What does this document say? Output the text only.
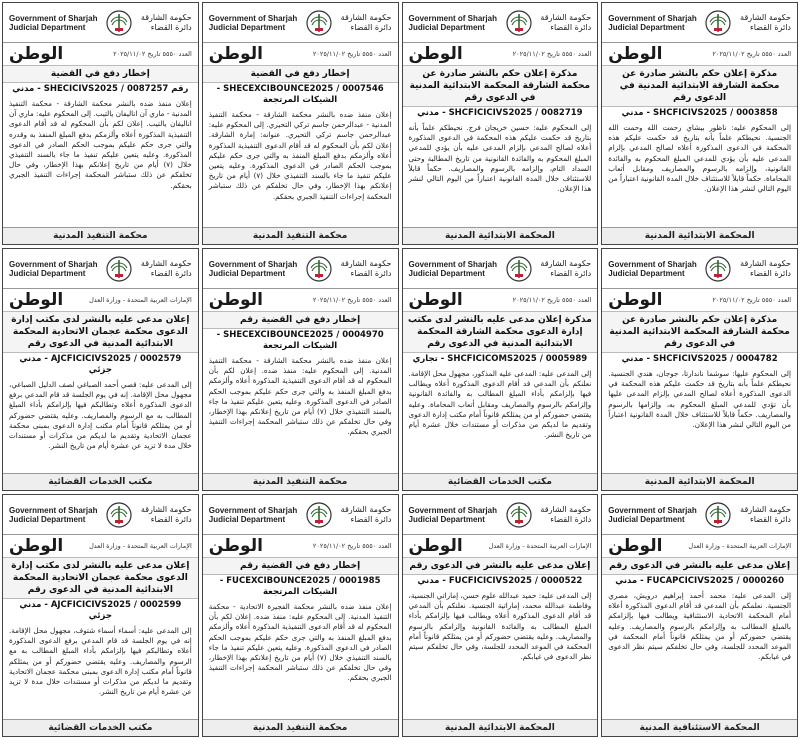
Government of Sharjah
Judicial Department
حكومة الشارقة
دائرة القضاء
الوطن	العدد ٥٥٥٠ تاريخ ٢٠٢٥/١١/٠٢
إخطار دفع في القضية
رقم SHECICIVS2025 / 0087257 - مدني
إعلان منفذ ضده بالنشر محكمة الشارقة - محكمة التنفيذ المدنية - ماري آن اناليفان يالتيب. إلى المحكوم عليه: ماري آن اناليفان يالتيب. إعلان لكم بأن المحكوم له قد أقام الدعوى التنفيذية المذكورة أعلاه وألزمكم بدفع المبلغ المنفذ به وقدره والتي جرى حكم عليكم بموجب الحكم الصادر في الدعوى المذكورة. وعليه يتعين عليكم تنفيذ ما جاء بالسند التنفيذي خلال (٧) أيام من تاريخ إعلانكم بهذا الإخطار، وفي حال تخلفكم عن ذلك ستباشر المحكمة إجراءات التنفيذ الجبري بحقكم.
محكمة التنفيذ المدنية
Government of Sharjah
Judicial Department
حكومة الشارقة
دائرة القضاء
الوطن	العدد ٥٥٥٠ تاريخ ٢٠٢٥/١١/٠٢
إخطار دفع في القضية
SHECEXCIBOUNCE2025 / 0007546 - الشيكات المرتجعة
إعلان منفذ ضده بالنشر محكمة الشارقة - محكمة التنفيذ المدنية - عبدالرحمن جاسم تركي التحيري. إلى المحكوم عليه: عبدالرحمن جاسم تركي التحيري. عنوانه: إمارة الشارقة. إعلان لكم بأن المحكوم له قد أقام الدعوى التنفيذية المذكورة أعلاه وألزمكم بدفع المبلغ المنفذ به والتي جرى حكم عليكم بموجب الحكم الصادر في الدعوى المذكورة. وعليه يتعين عليكم تنفيذ ما جاء بالسند التنفيذي خلال (٧) أيام من تاريخ إعلانكم بهذا الإخطار، وفي حال تخلفكم عن ذلك ستباشر المحكمة إجراءات التنفيذ الجبري بحقكم.
محكمة التنفيذ المدنية
Government of Sharjah
Judicial Department
حكومة الشارقة
دائرة القضاء
الوطن	العدد ٥٥٥٠ تاريخ ٢٠٢٥/١١/٠٢
مذكرة إعلان حكم بالنشر صادرة عن محكمة الشارقة المحكمة الابتدائية المدنية في الدعوى رقم
SHCFICICIVS2025 / 0082719 - مدني
إلى المحكوم عليه: حسين خريجان فرج. نحيطكم علماً بأنه بتاريخ قد حكمت عليكم هذه المحكمة في الدعوى المذكورة أعلاه لصالح المدعي بإلزام المدعى عليه بأن يؤدي للمدعي المبلغ المحكوم به والفائدة القانونية من تاريخ المطالبة وحتى السداد التام، وإلزامه بالرسوم والمصاريف. حكماً قابلاً للاستئناف خلال المدة القانونية اعتباراً من اليوم التالي لنشر هذا الإعلان.
المحكمة الابتدائية المدنية
Government of Sharjah
Judicial Department
حكومة الشارقة
دائرة القضاء
الوطن	العدد ٥٥٥٠ تاريخ ٢٠٢٥/١١/٠٢
مذكرة إعلان حكم بالنشر صادرة عن محكمة الشارقة الابتدائية المدنية في الدعوى رقم
SHCFICIVS2025 / 0003858 - مدني
إلى المحكوم عليه: ناظور بيشاي رحمت الله وحمت الله الجنسية. نحيطكم علماً بأنه بتاريخ قد حكمت عليكم هذه المحكمة في الدعوى المذكورة أعلاه لصالح المدعي بإلزام المدعى عليه بأن يؤدي للمدعي المبلغ المحكوم به والفائدة القانونية، وإلزامه بالرسوم والمصاريف ومقابل أتعاب المحاماة. حكماً قابلاً للاستئناف خلال المدة القانونية اعتباراً من اليوم التالي لنشر هذا الإعلان.
المحكمة الابتدائية المدنية
Government of Sharjah
Judicial Department
حكومة الشارقة
دائرة القضاء
الوطن	الإمارات العربية المتحدة - وزارة العدل
إعلان مدعى عليه بالنشر لدى مكتب إدارة الدعوى محكمة عجمان الاتحادية المحكمة الابتدائية المدنية في الدعوى رقم
AJCFICICIVS2025 / 0002579 - مدني جزئي
إلى المدعى عليه: قصي أحمد الصباغي لصف الدليل الصباغي، مجهول محل الإقامة. إنه في يوم الجلسة قد قام المدعي برفع الدعوى المذكورة أعلاه وتطالبكم فيها بإلزامكم بأداء المبلغ المطالب به مع الرسوم والمصاريف. وعليه يقتضي حضوركم أو من يمثلكم قانوناً أمام مكتب إدارة الدعوى بمبنى محكمة عجمان الاتحادية وتقديم ما لديكم من مذكرات أو مستندات خلال مدة لا تزيد عن عشرة أيام من تاريخ النشر.
مكتب الخدمات القضائية
Government of Sharjah
Judicial Department
حكومة الشارقة
دائرة القضاء
الوطن	العدد ٥٥٥٠ تاريخ ٢٠٢٥/١١/٠٢
إخطار دفع في القضية رقم
SHECEXCIBOUNCE2025 / 0004970 - الشيكات المرتجعة
إعلان منفذ ضده بالنشر محكمة الشارقة - محكمة التنفيذ المدنية. إلى المحكوم عليه: منفذ ضده. إعلان لكم بأن المحكوم له قد أقام الدعوى التنفيذية المذكورة أعلاه وألزمكم بدفع المبلغ المنفذ به والتي جرى حكم عليكم بموجب الحكم الصادر في الدعوى المذكورة. وعليه يتعين عليكم تنفيذ ما جاء بالسند التنفيذي خلال (٧) أيام من تاريخ إعلانكم بهذا الإخطار، وفي حال تخلفكم عن ذلك ستباشر المحكمة إجراءات التنفيذ الجبري بحقكم.
محكمة التنفيذ المدنية
Government of Sharjah
Judicial Department
حكومة الشارقة
دائرة القضاء
الوطن	العدد ٥٥٥٠ تاريخ ٢٠٢٥/١١/٠٢
مذكرة إعلان مدعى عليه بالنشر لدى مكتب إدارة الدعوى محكمة الشارقة المحكمة الابتدائية المدنية في الدعوى رقم
SHCFICICOMS2025 / 0005989 - تجاري
إلى المدعى عليه: المدعى عليه المذكور، مجهول محل الإقامة. نعلنكم بأن المدعي قد أقام الدعوى المذكورة أعلاه ويطالب فيها بإلزامكم بأداء المبلغ المطالب به والفائدة القانونية وإلزامكم بالرسوم والمصاريف ومقابل أتعاب المحاماة. وعليه يقتضي حضوركم أو من يمثلكم قانوناً أمام مكتب إدارة الدعوى وتقديم ما لديكم من مذكرات أو مستندات خلال عشرة أيام من تاريخ النشر.
مكتب الخدمات القضائية
Government of Sharjah
Judicial Department
حكومة الشارقة
دائرة القضاء
الوطن	العدد ٥٥٥٠ تاريخ ٢٠٢٥/١١/٠٢
مذكرة إعلان حكم بالنشر صادرة عن محكمة الشارقة المحكمة الابتدائية المدنية في الدعوى رقم
SHCFICIVS2025 / 0004782 - مدني
إلى المحكوم عليها: سوشما ناندارتا، جوجان، هندي الجنسية. نحيطكم علماً بأنه بتاريخ قد حكمت عليكم هذه المحكمة في الدعوى المذكورة أعلاه لصالح المدعي بإلزام المدعى عليها بأن تؤدي للمدعي المبلغ المحكوم به، وإلزامها بالرسوم والمصاريف. حكماً قابلاً للاستئناف خلال المدة القانونية اعتباراً من اليوم التالي لنشر هذا الإعلان.
المحكمة الابتدائية المدنية
Government of Sharjah
Judicial Department
حكومة الشارقة
دائرة القضاء
الوطن	الإمارات العربية المتحدة - وزارة العدل
إعلان مدعى عليه بالنشر لدى مكتب إدارة الدعوى محكمة عجمان الاتحادية المحكمة الابتدائية المدنية في الدعوى رقم
AJCFICICIVS2025 / 0002599 - مدني جزئي
إلى المدعى عليه: أسماء أسماء شتوف، مجهول محل الإقامة. إنه في يوم الجلسة قد قام المدعي برفع الدعوى المذكورة أعلاه وتطالبكم فيها بإلزامكم بأداء المبلغ المطالب به مع الرسوم والمصاريف. وعليه يقتضي حضوركم أو من يمثلكم قانوناً أمام مكتب إدارة الدعوى بمبنى محكمة عجمان الاتحادية وتقديم ما لديكم من مذكرات أو مستندات خلال مدة لا تزيد عن عشرة أيام من تاريخ النشر.
مكتب الخدمات القضائية
Government of Sharjah
Judicial Department
حكومة الشارقة
دائرة القضاء
الوطن	العدد ٥٥٥٠ تاريخ ٢٠٢٥/١١/٠٢
إخطار دفع في القضية رقم
FUCEXCIBOUNCE2025 / 0001985 - الشيكات المرتجعة
إعلان منفذ ضده بالنشر محكمة الفجيرة الاتحادية - محكمة التنفيذ المدنية. إلى المحكوم عليه: منفذ ضده. إعلان لكم بأن المحكوم له قد أقام الدعوى التنفيذية المذكورة أعلاه وألزمكم بدفع المبلغ المنفذ به والتي جرى حكم عليكم بموجب الحكم الصادر في الدعوى المذكورة. وعليه يتعين عليكم تنفيذ ما جاء بالسند التنفيذي خلال (٧) أيام من تاريخ إعلانكم بهذا الإخطار، وفي حال تخلفكم عن ذلك ستباشر المحكمة إجراءات التنفيذ الجبري بحقكم.
محكمة التنفيذ المدنية
Government of Sharjah
Judicial Department
حكومة الشارقة
دائرة القضاء
الوطن	الإمارات العربية المتحدة - وزارة العدل
إعلان مدعى عليه بالنشر في الدعوى رقم
FUCFICICIVS2025 / 0000522 - مدني
إلى المدعى عليه: حميد عبدالله علوم حسن، إماراتي الجنسية، وفاطمة عبدالله محمد، إماراتية الجنسية. نعلنكم بأن المدعي قد أقام الدعوى المذكورة أعلاه ويطالب فيها بإلزامكم بأداء المبلغ المطالب به والفائدة القانونية وإلزامكم بالرسوم والمصاريف. وعليه يقتضي حضوركم أو من يمثلكم قانوناً أمام المحكمة في الموعد المحدد للجلسة، وفي حال تخلفكم سيتم نظر الدعوى في غيابكم.
المحكمة الابتدائية المدنية
Government of Sharjah
Judicial Department
حكومة الشارقة
دائرة القضاء
الوطن	الإمارات العربية المتحدة - وزارة العدل
إعلان مدعى عليه بالنشر في الدعوى رقم
FUCAPCICIVS2025 / 0000260 - مدني
إلى المدعى عليه: محمد أحمد إبراهيم درويش، مصري الجنسية. نعلمكم بأن المدعي قد أقام الدعوى المذكورة أعلاه أمام المحكمة الاتحادية الاستئنافية ويطالب فيها بإلزامكم بالمبلغ المطالب به وإلزامكم بالرسوم والمصاريف. وعليه يقتضي حضوركم أو من يمثلكم قانوناً أمام المحكمة في الموعد المحدد للجلسة، وفي حال تخلفكم سيتم نظر الدعوى في غيابكم.
المحكمة الاستئنافية المدنية
